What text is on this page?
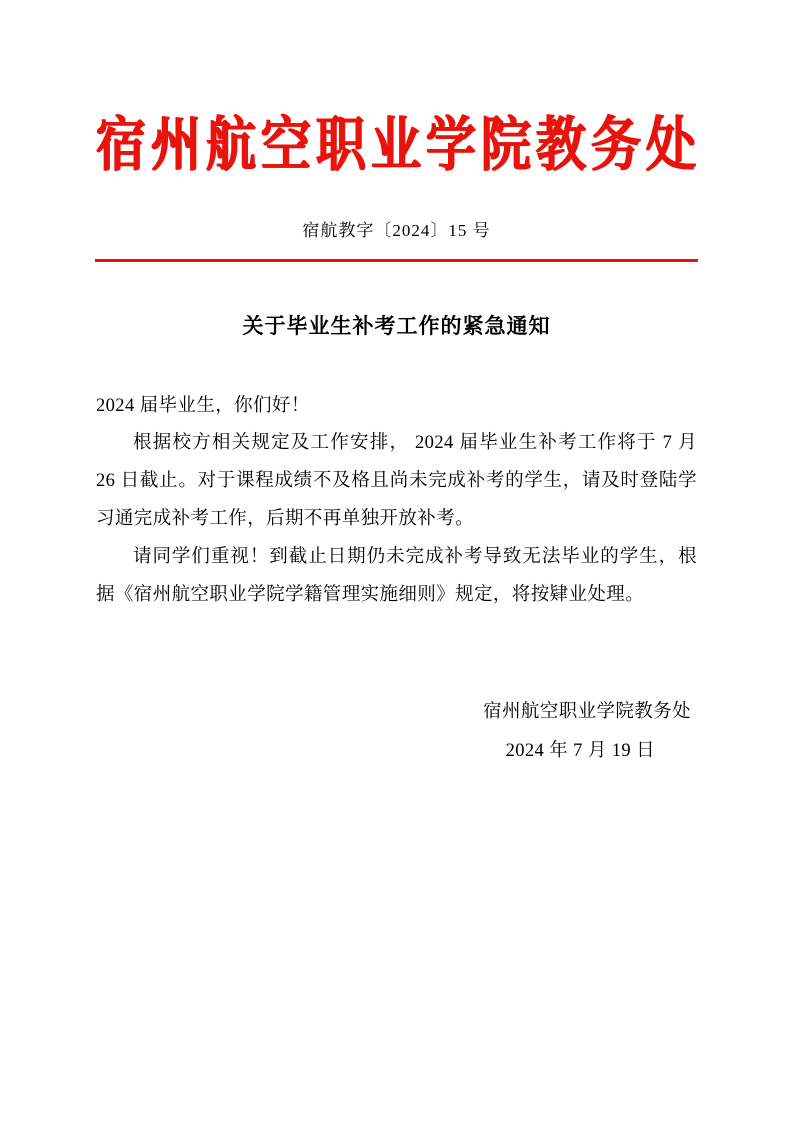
宿州航空职业学院教务处
宿航教字〔2024〕15 号
关于毕业生补考工作的紧急通知

2024 届毕业生，你们好！

根据校方相关规定及工作安排， 2024 届毕业生补考工作将于 7 月 26 日截止。对于课程成绩不及格且尚未完成补考的学生，请及时登陆学习通完成补考工作，后期不再单独开放补考。

请同学们重视！到截止日期仍未完成补考导致无法毕业的学生，根据《宿州航空职业学院学籍管理实施细则》规定，将按肄业处理。

宿州航空职业学院教务处
2024 年 7 月 19 日
